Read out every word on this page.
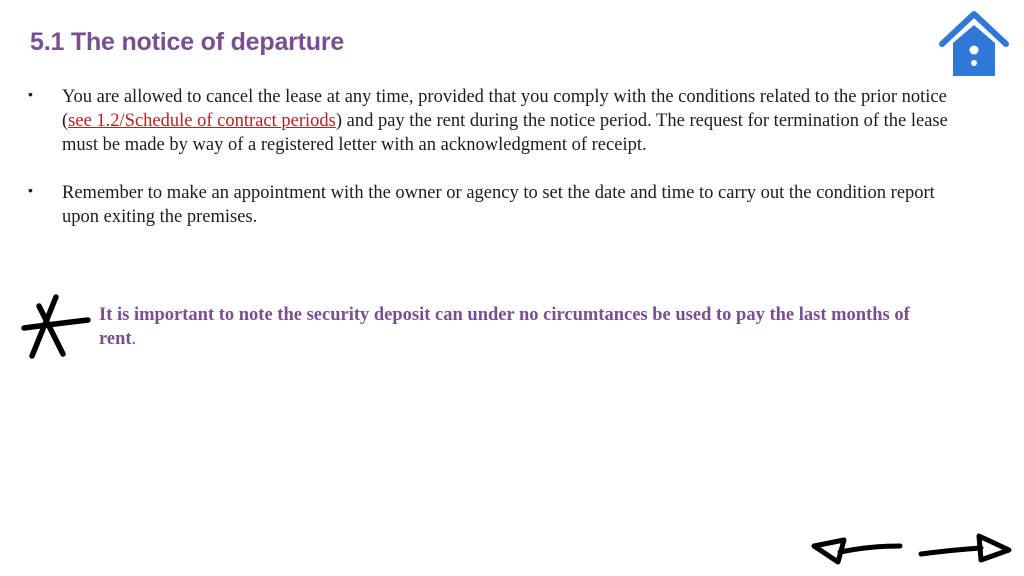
5.1 The notice of departure
• You are allowed to cancel the lease at any time, provided that you comply with the conditions related to the prior notice (see 1.2/Schedule of contract periods) and pay the rent during the notice period. The request for termination of the lease must be made by way of a registered letter with an acknowledgment of receipt.
• Remember to make an appointment with the owner or agency to set the date and time to carry out the condition report upon exiting the premises.
It is important to note the security deposit can under no circumtances be used to pay the last months of rent.
